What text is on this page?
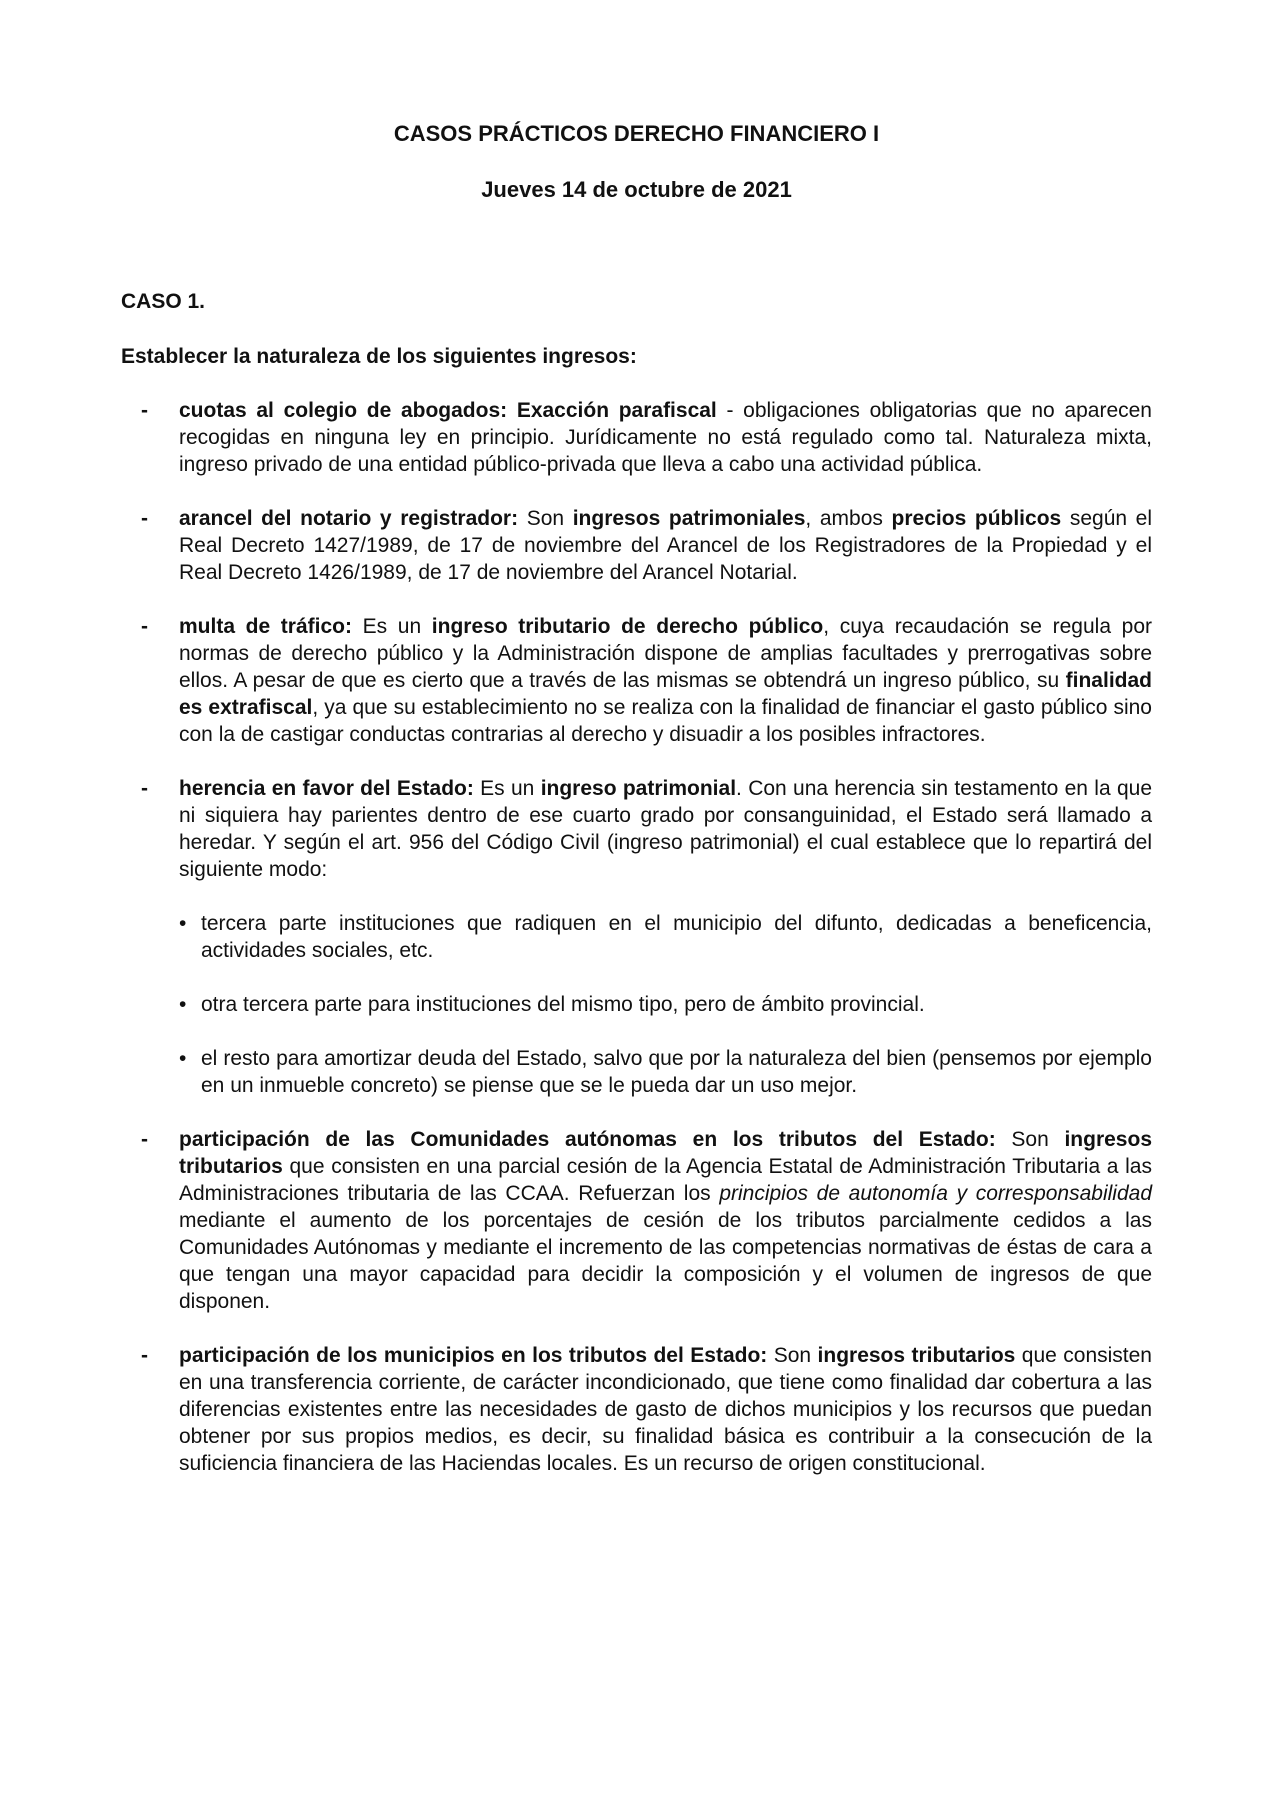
CASOS PRÁCTICOS DERECHO FINANCIERO I

Jueves 14 de octubre de 2021

CASO 1.

Establecer la naturaleza de los siguientes ingresos:

- cuotas al colegio de abogados: Exacción parafiscal - obligaciones obligatorias que no aparecen recogidas en ninguna ley en principio. Jurídicamente no está regulado como tal. Naturaleza mixta, ingreso privado de una entidad público-privada que lleva a cabo una actividad pública.
- arancel del notario y registrador: Son ingresos patrimoniales, ambos precios públicos según el Real Decreto 1427/1989, de 17 de noviembre del Arancel de los Registradores de la Propiedad y el Real Decreto 1426/1989, de 17 de noviembre del Arancel Notarial.
- multa de tráfico: Es un ingreso tributario de derecho público, cuya recaudación se regula por normas de derecho público y la Administración dispone de amplias facultades y prerrogativas sobre ellos. A pesar de que es cierto que a través de las mismas se obtendrá un ingreso público, su finalidad es extrafiscal, ya que su establecimiento no se realiza con la finalidad de financiar el gasto público sino con la de castigar conductas contrarias al derecho y disuadir a los posibles infractores.
- herencia en favor del Estado: Es un ingreso patrimonial. Con una herencia sin testamento en la que ni siquiera hay parientes dentro de ese cuarto grado por consanguinidad, el Estado será llamado a heredar. Y según el art. 956 del Código Civil (ingreso patrimonial) el cual establece que lo repartirá del siguiente modo:
• tercera parte instituciones que radiquen en el municipio del difunto, dedicadas a beneficencia, actividades sociales, etc.
• otra tercera parte para instituciones del mismo tipo, pero de ámbito provincial.
• el resto para amortizar deuda del Estado, salvo que por la naturaleza del bien (pensemos por ejemplo en un inmueble concreto) se piense que se le pueda dar un uso mejor.
- participación de las Comunidades autónomas en los tributos del Estado: Son ingresos tributarios que consisten en una parcial cesión de la Agencia Estatal de Administración Tributaria a las Administraciones tributaria de las CCAA. Refuerzan los principios de autonomía y corresponsabilidad mediante el aumento de los porcentajes de cesión de los tributos parcialmente cedidos a las Comunidades Autónomas y mediante el incremento de las competencias normativas de éstas de cara a que tengan una mayor capacidad para decidir la composición y el volumen de ingresos de que disponen.
- participación de los municipios en los tributos del Estado: Son ingresos tributarios que consisten en una transferencia corriente, de carácter incondicionado, que tiene como finalidad dar cobertura a las diferencias existentes entre las necesidades de gasto de dichos municipios y los recursos que puedan obtener por sus propios medios, es decir, su finalidad básica es contribuir a la consecución de la suficiencia financiera de las Haciendas locales. Es un recurso de origen constitucional.
